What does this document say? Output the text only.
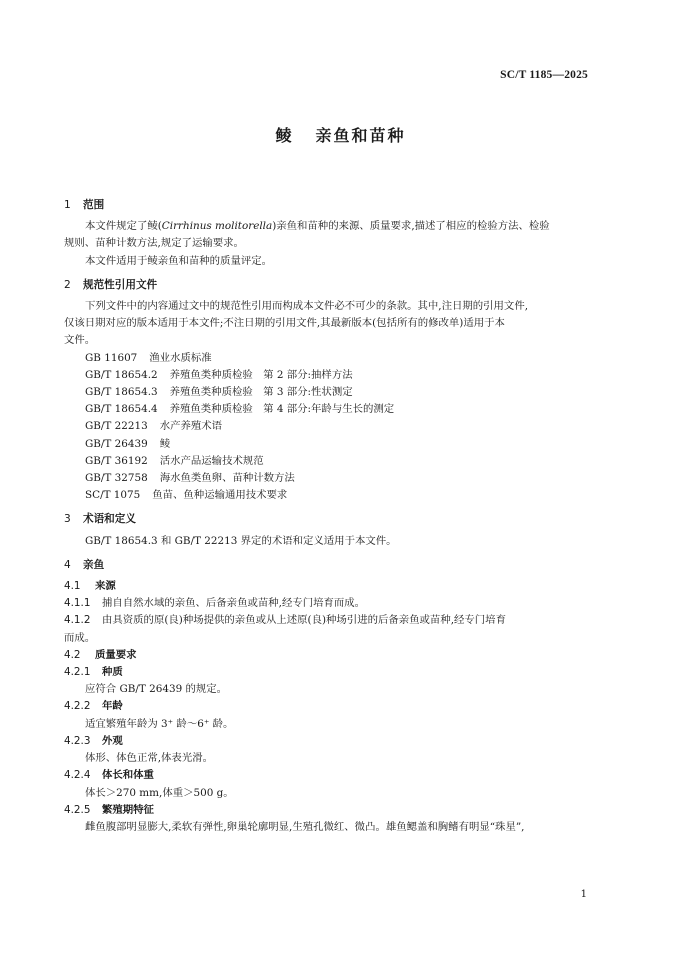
SC/T 1185—2025
鲮 亲鱼和苗种
1 范围

本文件规定了鲮(Cirrhinus molitorella)亲鱼和苗种的来源、质量要求,描述了相应的检验方法、检验

规则、苗种计数方法,规定了运输要求。

本文件适用于鲮亲鱼和苗种的质量评定。

2 规范性引用文件

下列文件中的内容通过文中的规范性引用而构成本文件必不可少的条款。其中,注日期的引用文件,

仅该日期对应的版本适用于本文件;不注日期的引用文件,其最新版本(包括所有的修改单)适用于本

文件。

GB 11607 渔业水质标准

GB/T 18654.2 养殖鱼类种质检验　第 2 部分:抽样方法

GB/T 18654.3 养殖鱼类种质检验　第 3 部分:性状测定

GB/T 18654.4 养殖鱼类种质检验　第 4 部分:年龄与生长的测定

GB/T 22213 水产养殖术语

GB/T 26439 鲮

GB/T 36192 活水产品运输技术规范

GB/T 32758 海水鱼类鱼卵、苗种计数方法

SC/T 1075 鱼苗、鱼种运输通用技术要求

3 术语和定义

GB/T 18654.3 和 GB/T 22213 界定的术语和定义适用于本文件。

4 亲鱼
4.1 来源

4.1.1 捕自自然水域的亲鱼、后备亲鱼或苗种,经专门培育而成。

4.1.2 由具资质的原(良)种场提供的亲鱼或从上述原(良)种场引进的后备亲鱼或苗种,经专门培育

而成。

4.2 质量要求
4.2.1 种质

应符合 GB/T 26439 的规定。

4.2.2 年龄

适宜繁殖年龄为 3⁺ 龄～6⁺ 龄。

4.2.3 外观

体形、体色正常,体表光滑。

4.2.4 体长和体重

体长＞270 mm,体重＞500 g。

4.2.5 繁殖期特征

雌鱼腹部明显膨大,柔软有弹性,卵巢轮廓明显,生殖孔微红、微凸。雄鱼鳃盖和胸鳍有明显“珠星”,

1
